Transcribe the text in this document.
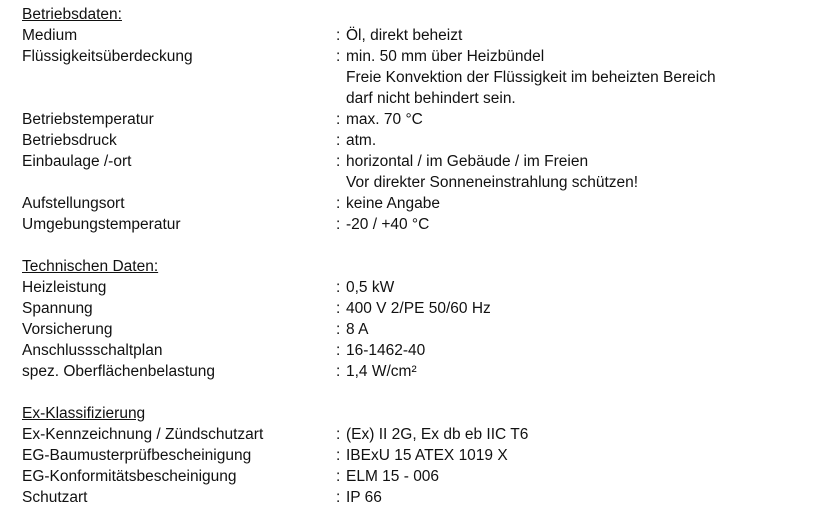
Betriebsdaten:
Medium	: Öl, direkt beheizt
Flüssigkeitsüberdeckung	: min. 50 mm über Heizbündel
Freie Konvektion der Flüssigkeit im beheizten Bereich
darf nicht behindert sein.
Betriebstemperatur	: max. 70 °C
Betriebsdruck	: atm.
Einbaulage /-ort	: horizontal / im Gebäude / im Freien
Vor direkter Sonneneinstrahlung schützen!
Aufstellungsort	: keine Angabe
Umgebungstemperatur	: -20 / +40 °C
Technischen Daten:
Heizleistung	: 0,5 kW
Spannung	: 400 V 2/PE 50/60 Hz
Vorsicherung	: 8 A
Anschlussschaltplan	: 16-1462-40
spez. Oberflächenbelastung	: 1,4 W/cm²
Ex-Klassifizierung
Ex-Kennzeichnung / Zündschutzart	: (Ex) II 2G, Ex db eb IIC T6
EG-Baumusterprüfbescheinigung	: IBExU 15 ATEX 1019 X
EG-Konformitätsbescheinigung	: ELM 15 - 006
Schutzart	: IP 66
